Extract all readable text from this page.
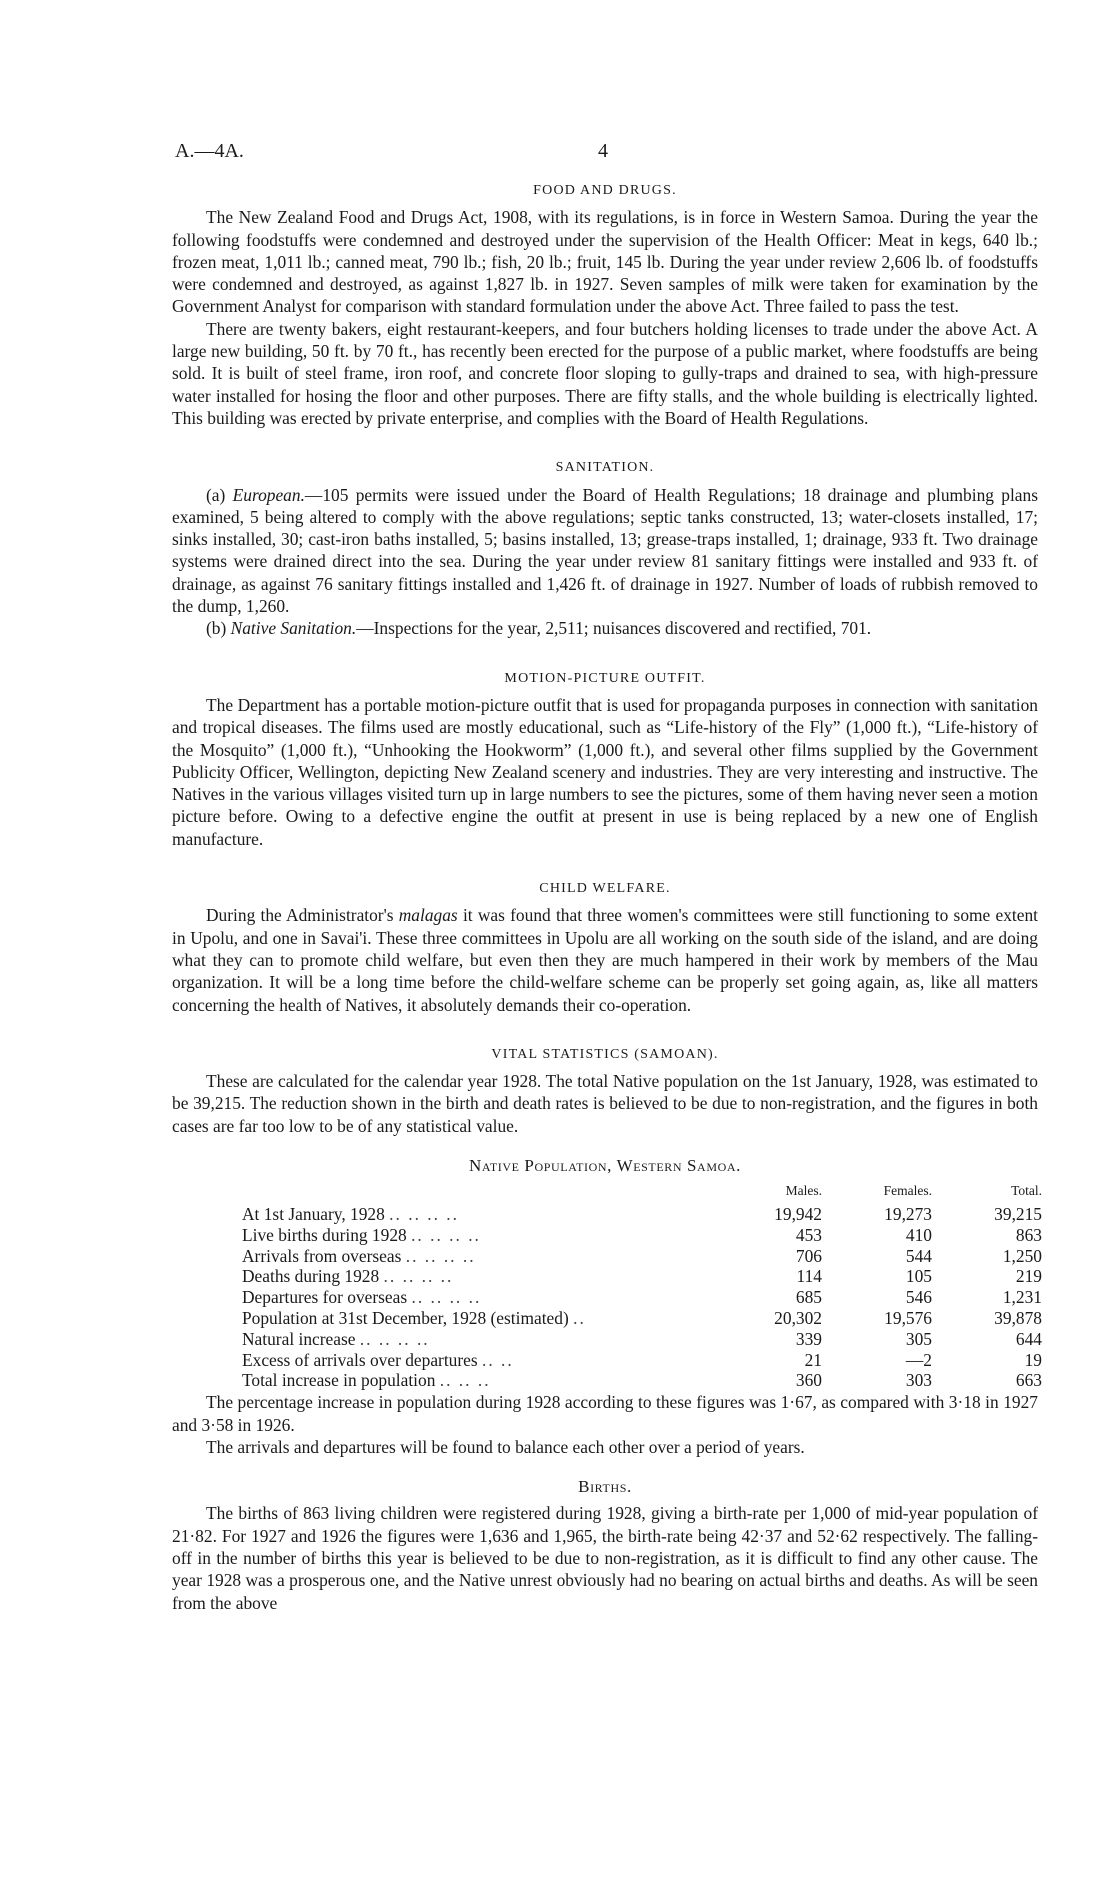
A.—4A.	4
FOOD AND DRUGS.

The New Zealand Food and Drugs Act, 1908, with its regulations, is in force in Western Samoa. During the year the following foodstuffs were condemned and destroyed under the supervision of the Health Officer: Meat in kegs, 640 lb.; frozen meat, 1,011 lb.; canned meat, 790 lb.; fish, 20 lb.; fruit, 145 lb. During the year under review 2,606 lb. of foodstuffs were condemned and destroyed, as against 1,827 lb. in 1927. Seven samples of milk were taken for examination by the Government Analyst for comparison with standard formulation under the above Act. Three failed to pass the test.

There are twenty bakers, eight restaurant-keepers, and four butchers holding licenses to trade under the above Act. A large new building, 50 ft. by 70 ft., has recently been erected for the purpose of a public market, where foodstuffs are being sold. It is built of steel frame, iron roof, and concrete floor sloping to gully-traps and drained to sea, with high-pressure water installed for hosing the floor and other purposes. There are fifty stalls, and the whole building is electrically lighted. This building was erected by private enterprise, and complies with the Board of Health Regulations.

SANITATION.

(a) European.—105 permits were issued under the Board of Health Regulations; 18 drainage and plumbing plans examined, 5 being altered to comply with the above regulations; septic tanks constructed, 13; water-closets installed, 17; sinks installed, 30; cast-iron baths installed, 5; basins installed, 13; grease-traps installed, 1; drainage, 933 ft. Two drainage systems were drained direct into the sea. During the year under review 81 sanitary fittings were installed and 933 ft. of drainage, as against 76 sanitary fittings installed and 1,426 ft. of drainage in 1927. Number of loads of rubbish removed to the dump, 1,260.

(b) Native Sanitation.—Inspections for the year, 2,511; nuisances discovered and rectified, 701.

MOTION-PICTURE OUTFIT.

The Department has a portable motion-picture outfit that is used for propaganda purposes in connection with sanitation and tropical diseases. The films used are mostly educational, such as “Life-history of the Fly” (1,000 ft.), “Life-history of the Mosquito” (1,000 ft.), “Unhooking the Hookworm” (1,000 ft.), and several other films supplied by the Government Publicity Officer, Wellington, depicting New Zealand scenery and industries. They are very interesting and instructive. The Natives in the various villages visited turn up in large numbers to see the pictures, some of them having never seen a motion picture before. Owing to a defective engine the outfit at present in use is being replaced by a new one of English manufacture.

CHILD WELFARE.

During the Administrator's malagas it was found that three women's committees were still functioning to some extent in Upolu, and one in Savai'i. These three committees in Upolu are all working on the south side of the island, and are doing what they can to promote child welfare, but even then they are much hampered in their work by members of the Mau organization. It will be a long time before the child-welfare scheme can be properly set going again, as, like all matters concerning the health of Natives, it absolutely demands their co-operation.

VITAL STATISTICS (SAMOAN).

These are calculated for the calendar year 1928. The total Native population on the 1st January, 1928, was estimated to be 39,215. The reduction shown in the birth and death rates is believed to be due to non-registration, and the figures in both cases are far too low to be of any statistical value.

Native Population, Western Samoa.
	Males.	Females.	Total.
At 1st January, 1928 .. .. .. ..	19,942	19,273	39,215
Live births during 1928 .. .. .. ..	453	410	863
Arrivals from overseas .. .. .. ..	706	544	1,250
Deaths during 1928 .. .. .. ..	114	105	219
Departures for overseas .. .. .. ..	685	546	1,231
Population at 31st December, 1928 (estimated) ..	20,302	19,576	39,878
Natural increase .. .. .. ..	339	305	644
Excess of arrivals over departures .. ..	21	—2	19
Total increase in population .. .. ..	360	303	663

The percentage increase in population during 1928 according to these figures was 1·67, as compared with 3·18 in 1927 and 3·58 in 1926.

The arrivals and departures will be found to balance each other over a period of years.

Births.

The births of 863 living children were registered during 1928, giving a birth-rate per 1,000 of mid-year population of 21·82. For 1927 and 1926 the figures were 1,636 and 1,965, the birth-rate being 42·37 and 52·62 respectively. The falling-off in the number of births this year is believed to be due to non-registration, as it is difficult to find any other cause. The year 1928 was a prosperous one, and the Native unrest obviously had no bearing on actual births and deaths. As will be seen from the above
